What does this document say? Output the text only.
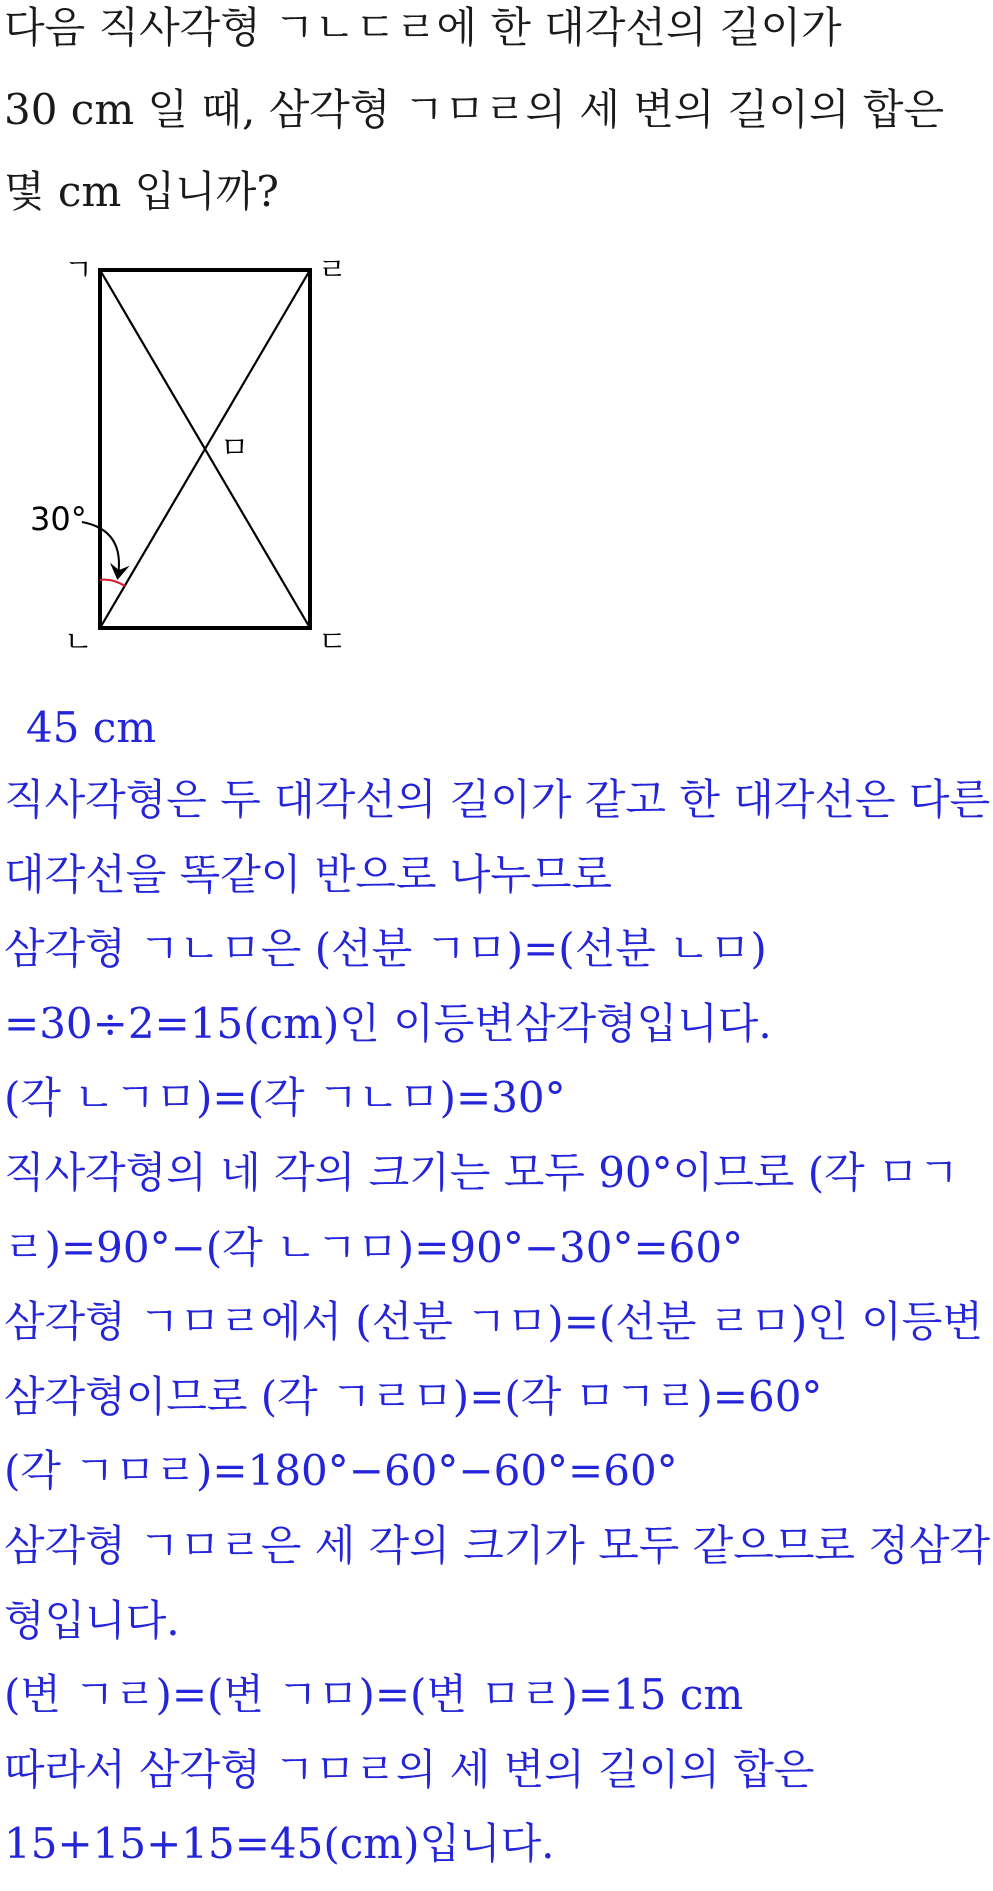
다음 직사각형 ㄱㄴㄷㄹ에 한 대각선의 길이가
30 cm 일 때, 삼각형 ㄱㅁㄹ의 세 변의 길이의 합은
몇 cm 입니까?
ㄱ	ㄹ
ㄴ	ㄷ
ㅁ
30°
45 cm
직사각형은 두 대각선의 길이가 같고 한 대각선은 다른
대각선을 똑같이 반으로 나누므로
삼각형 ㄱㄴㅁ은 (선분 ㄱㅁ)=(선분 ㄴㅁ)
=30÷2=15(cm)인 이등변삼각형입니다.
(각 ㄴㄱㅁ)=(각 ㄱㄴㅁ)=30°
직사각형의 네 각의 크기는 모두 90°이므로 (각 ㅁㄱ
ㄹ)=90°−(각 ㄴㄱㅁ)=90°−30°=60°
삼각형 ㄱㅁㄹ에서 (선분 ㄱㅁ)=(선분 ㄹㅁ)인 이등변
삼각형이므로 (각 ㄱㄹㅁ)=(각 ㅁㄱㄹ)=60°
(각 ㄱㅁㄹ)=180°−60°−60°=60°
삼각형 ㄱㅁㄹ은 세 각의 크기가 모두 같으므로 정삼각
형입니다.
(변 ㄱㄹ)=(변 ㄱㅁ)=(변 ㅁㄹ)=15 cm
따라서 삼각형 ㄱㅁㄹ의 세 변의 길이의 합은
15+15+15=45(cm)입니다.
